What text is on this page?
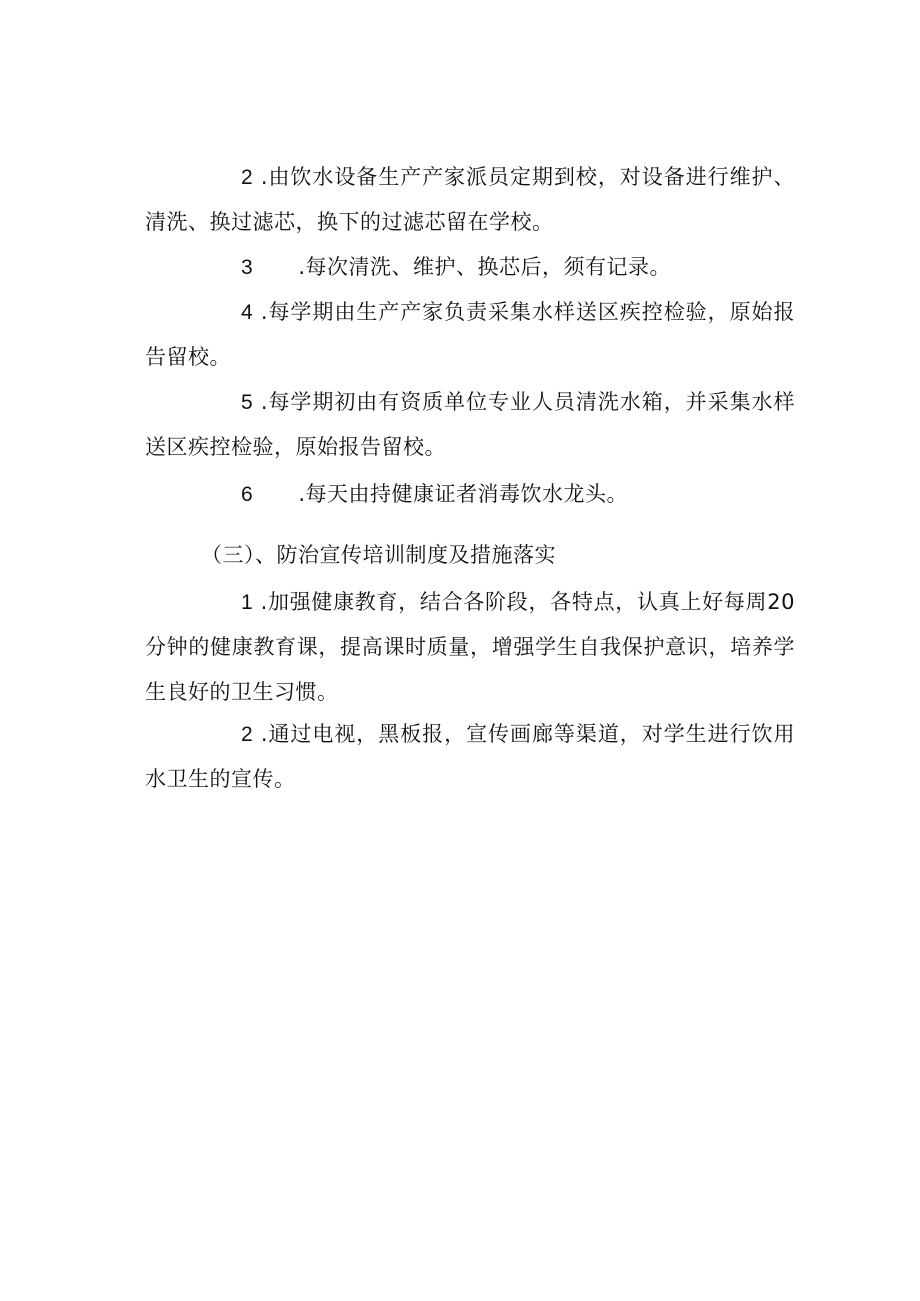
2 .由饮水设备生产产家派员定期到校，对设备进行维护、清洗、换过滤芯，换下的过滤芯留在学校。

3 .每次清洗、维护、换芯后，须有记录。

4 .每学期由生产产家负责采集水样送区疾控检验，原始报告留校。

5 .每学期初由有资质单位专业人员清洗水箱，并采集水样送区疾控检验，原始报告留校。

6 .每天由持健康证者消毒饮水龙头。

（三）、防治宣传培训制度及措施落实

1 .加强健康教育，结合各阶段，各特点，认真上好每周20分钟的健康教育课，提高课时质量，增强学生自我保护意识，培养学生良好的卫生习惯。

2 .通过电视，黑板报，宣传画廊等渠道，对学生进行饮用水卫生的宣传。
